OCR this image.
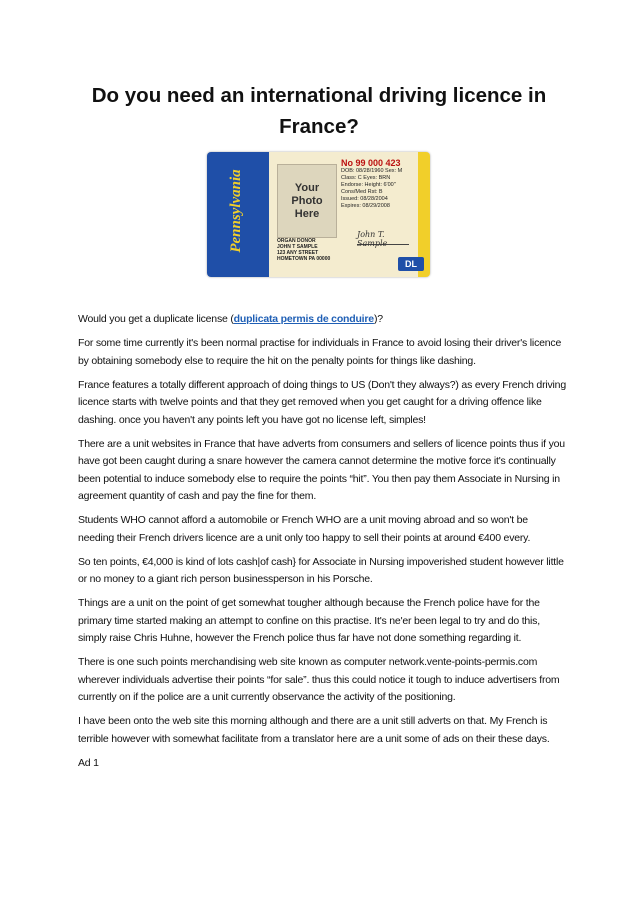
Do you need an international driving licence in France?
Pennsylvania	Your Photo Here
No 99 000 423
DOB: 08/28/1960 Sex: M
Class: C Eyes: BRN
Endorse: Height: 6'00"
Cons/Med Rst: B
Issued: 08/28/2004
Expires: 08/29/2008
ORGAN DONOR
JOHN T SAMPLE
123 ANY STREET
HOMETOWN PA 00000
John T. Sample
DL

Would you get a duplicate license (duplicata permis de conduire)?

For some time currently it's been normal practise for individuals in France to avoid losing their driver's licence by obtaining somebody else to require the hit on the penalty points for things like dashing.

France features a totally different approach of doing things to US (Don't they always?) as every French driving licence starts with twelve points and that they get removed when you get caught for a driving offence like dashing. once you haven't any points left you have got no license left, simples!

There are a unit websites in France that have adverts from consumers and sellers of licence points thus if you have got been caught during a snare however the camera cannot determine the motive force it's continually been potential to induce somebody else to require the points “hit”. You then pay them Associate in Nursing in agreement quantity of cash and pay the fine for them.

Students WHO cannot afford a automobile or French WHO are a unit moving abroad and so won't be needing their French drivers licence are a unit only too happy to sell their points at around €400 every.

So ten points, €4,000 is kind of lots cash|of cash} for Associate in Nursing impoverished student however little or no money to a giant rich person businessperson in his Porsche.

Things are a unit on the point of get somewhat tougher although because the French police have for the primary time started making an attempt to confine on this practise. It's ne'er been legal to try and do this, simply raise Chris Huhne, however the French police thus far have not done something regarding it.

There is one such points merchandising web site known as computer network.vente-points-permis.com wherever individuals advertise their points “for sale”. thus this could notice it tough to induce advertisers from currently on if the police are a unit currently observance the activity of the positioning.

I have been onto the web site this morning although and there are a unit still adverts on that. My French is terrible however with somewhat facilitate from a translator here are a unit some of ads on their these days.

Ad 1
